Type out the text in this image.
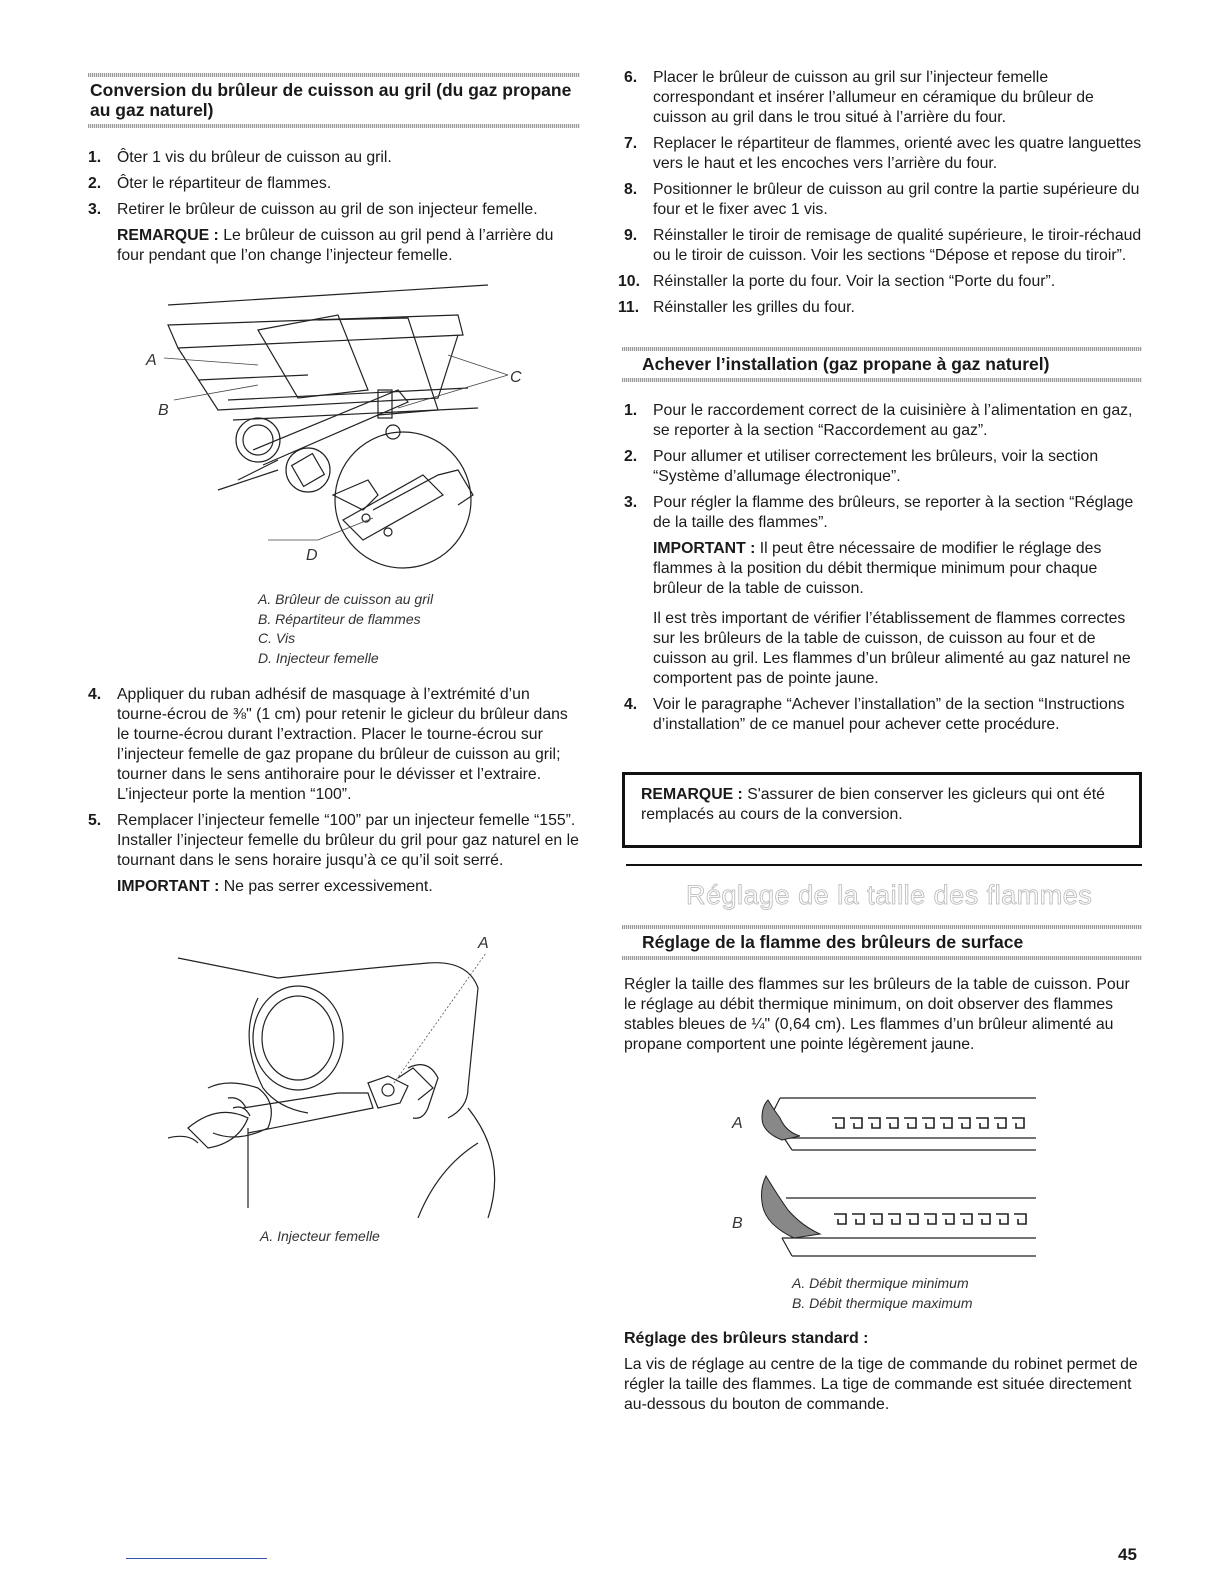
Conversion du brûleur de cuisson au gril (du gaz propane au gaz naturel)
1.	Ôter 1 vis du brûleur de cuisson au gril.

2.	Ôter le répartiteur de flammes.

3.	Retirer le brûleur de cuisson au gril de son injecteur femelle.

REMARQUE : Le brûleur de cuisson au gril pend à l’arrière du four pendant que l’on change l’injecteur femelle.

A
B
C
D
A. Brûleur de cuisson au gril
B. Répartiteur de flammes
C. Vis
D. Injecteur femelle
4.	Appliquer du ruban adhésif de masquage à l’extrémité d’un tourne-écrou de ⅜" (1 cm) pour retenir le gicleur du brûleur dans le tourne-écrou durant l’extraction. Placer le tourne-écrou sur l’injecteur femelle de gaz propane du brûleur de cuisson au gril; tourner dans le sens antihoraire pour le dévisser et l’extraire. L’injecteur porte la mention “100”.

5.	Remplacer l’injecteur femelle “100” par un injecteur femelle “155”. Installer l’injecteur femelle du brûleur du gril pour gaz naturel en le tournant dans le sens horaire jusqu’à ce qu’il soit serré.

IMPORTANT : Ne pas serrer excessivement.

A
A. Injecteur femelle
6.	Placer le brûleur de cuisson au gril sur l’injecteur femelle correspondant et insérer l’allumeur en céramique du brûleur de cuisson au gril dans le trou situé à l’arrière du four.

7.	Replacer le répartiteur de flammes, orienté avec les quatre languettes vers le haut et les encoches vers l’arrière du four.

8.	Positionner le brûleur de cuisson au gril contre la partie supérieure du four et le fixer avec 1 vis.

9.	Réinstaller le tiroir de remisage de qualité supérieure, le tiroir-réchaud ou le tiroir de cuisson. Voir les sections “Dépose et repose du tiroir”.

10. Réinstaller la porte du four. Voir la section “Porte du four”.

11. Réinstaller les grilles du four.

Achever l’installation (gaz propane à gaz naturel)
1.	Pour le raccordement correct de la cuisinière à l’alimentation en gaz, se reporter à la section “Raccordement au gaz”.

2.	Pour allumer et utiliser correctement les brûleurs, voir la section “Système d’allumage électronique”.

3.	Pour régler la flamme des brûleurs, se reporter à la section “Réglage de la taille des flammes”.

IMPORTANT : Il peut être nécessaire de modifier le réglage des flammes à la position du débit thermique minimum pour chaque brûleur de la table de cuisson.

Il est très important de vérifier l’établissement de flammes correctes sur les brûleurs de la table de cuisson, de cuisson au four et de cuisson au gril. Les flammes d’un brûleur alimenté au gaz naturel ne comportent pas de pointe jaune.

4.	Voir le paragraphe “Achever l’installation” de la section “Instructions d’installation” de ce manuel pour achever cette procédure.

REMARQUE : S'assurer de bien conserver les gicleurs qui ont été remplacés au cours de la conversion.
Réglage de la taille des flammes
Réglage de la flamme des brûleurs de surface

Régler la taille des flammes sur les brûleurs de la table de cuisson. Pour le réglage au débit thermique minimum, on doit observer des flammes stables bleues de ¼" (0,64 cm). Les flammes d’un brûleur alimenté au propane comportent une pointe légèrement jaune.

A
B
A. Débit thermique minimum
B. Débit thermique maximum
Réglage des brûleurs standard :

La vis de réglage au centre de la tige de commande du robinet permet de régler la taille des flammes. La tige de commande est située directement au-dessous du bouton de commande.

45
